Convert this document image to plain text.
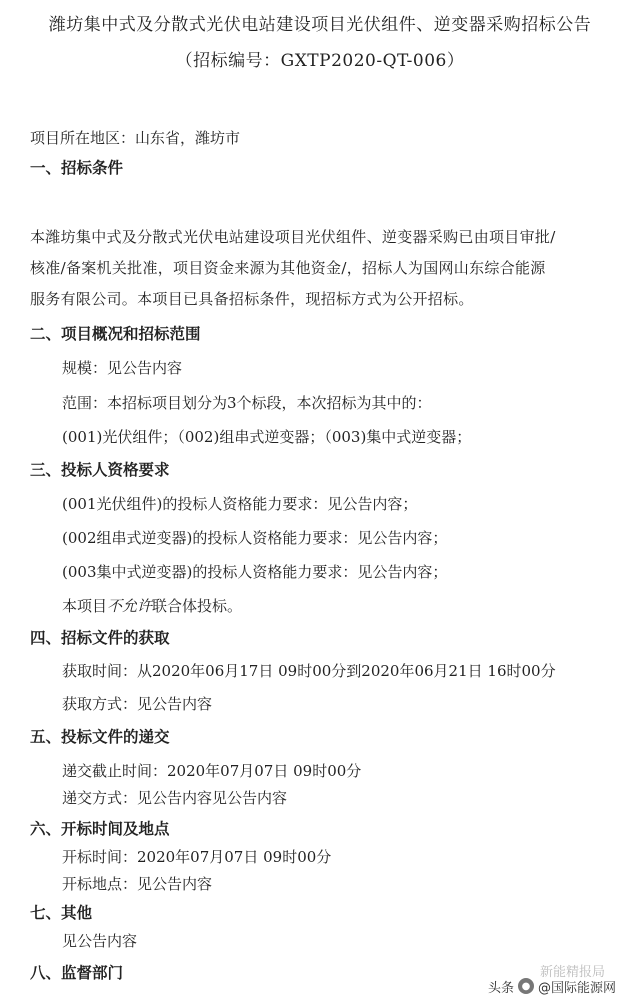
潍坊集中式及分散式光伏电站建设项目光伏组件、逆变器采购招标公告
（招标编号：GXTP2020-QT-006）
项目所在地区：山东省，潍坊市
一、招标条件
本潍坊集中式及分散式光伏电站建设项目光伏组件、逆变器采购已由项目审批/
核准/备案机关批准，项目资金来源为其他资金/，招标人为国网山东综合能源
服务有限公司。本项目已具备招标条件，现招标方式为公开招标。
二、项目概况和招标范围
规模：见公告内容
范围：本招标项目划分为3个标段，本次招标为其中的：
(001)光伏组件；（002)组串式逆变器；（003)集中式逆变器；
三、投标人资格要求
(001光伏组件)的投标人资格能力要求：见公告内容；
(002组串式逆变器)的投标人资格能力要求：见公告内容；
(003集中式逆变器)的投标人资格能力要求：见公告内容；
本项目不允许联合体投标。
四、招标文件的获取
获取时间：从2020年06月17日 09时00分到2020年06月21日 16时00分
获取方式：见公告内容
五、投标文件的递交
递交截止时间：2020年07月07日 09时00分
递交方式：见公告内容见公告内容
六、开标时间及地点
开标时间：2020年07月07日 09时00分
开标地点：见公告内容
七、其他
见公告内容
八、监督部门	新能精报局
头条 ● @国际能源网
